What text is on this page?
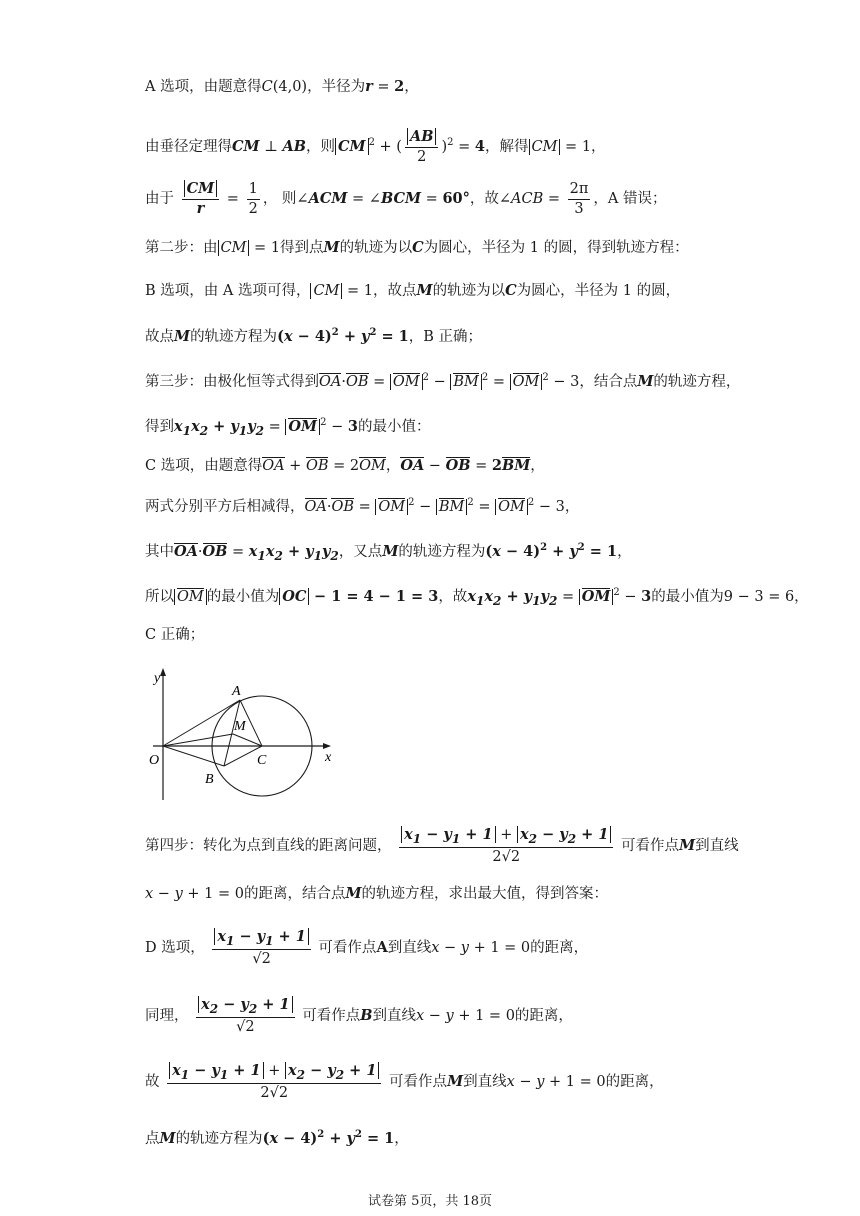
A 选项，由题意得C(4,0)，半径为r = 2，
由垂径定理得CM ⊥ AB，则 CM $^2$ + ( $\frac{AB}{2} )^2 = 4$，解得 CM = 1，
由于 $\frac{CM}{r} = \frac{1}{2}$ ， 则∠ACM = ∠BCM = 60°，故∠ACB = $\frac{2\pi}{3}$ ，A 错误；
第二步：由 CM = 1得到点M的轨迹为以C为圆心，半径为 1 的圆，得到轨迹方程：
B 选项，由 A 选项可得， CM = 1，故点M的轨迹为以C为圆心，半径为 1 的圆，
故点M的轨迹方程为$(x - 4)^2 + y^2 = 1$，B 正确；
第三步：由极化恒等式得到OA·OB = OM $^2$ − BM $^2$ = OM $^2$ − 3，结合点M的轨迹方程，
得到$x_1x_2 + y_1y_2$ = OM $^2$ − 3的最小值：
C 选项，由题意得OA + OB = 2OM，OA − OB = 2BM，
两式分别平方后相减得，OA·OB = OM $^2$ − BM $^2$ = OM $^2$ − 3，
其中$OA\cdot OB = x_1x_2 + y_1y_2$，又点M的轨迹方程为$(x - 4)^2 + y^2 = 1$，
所以 OM 的最小值为 OC − 1 = 4 − 1 = 3，故$x_1x_2 + y_1y_2$ = OM $^2$ − 3的最小值为9 − 3 = 6，
C 正确；
y
x
O
A
B
M
C
第四步：转化为点到直线的距离问题， $\frac{x_1 - y_1 + 1 + x_2 - y_2 + 1}{2√2}$ 可看作点M到直线
x − y + 1 = 0的距离，结合点M的轨迹方程，求出最大值，得到答案：
D 选项， $\frac{x_1 - y_1 + 1}{√2}$ 可看作点A到直线x − y + 1 = 0的距离，
同理， $\frac{x_2 - y_2 + 1}{√2}$ 可看作点B到直线x − y + 1 = 0的距离，
故 $\frac{x_1 - y_1 + 1 + x_2 - y_2 + 1}{2√2}$ 可看作点M到直线x − y + 1 = 0的距离，
点M的轨迹方程为$(x - 4)^2 + y^2 = 1$，
试卷第 5页，共 18页
